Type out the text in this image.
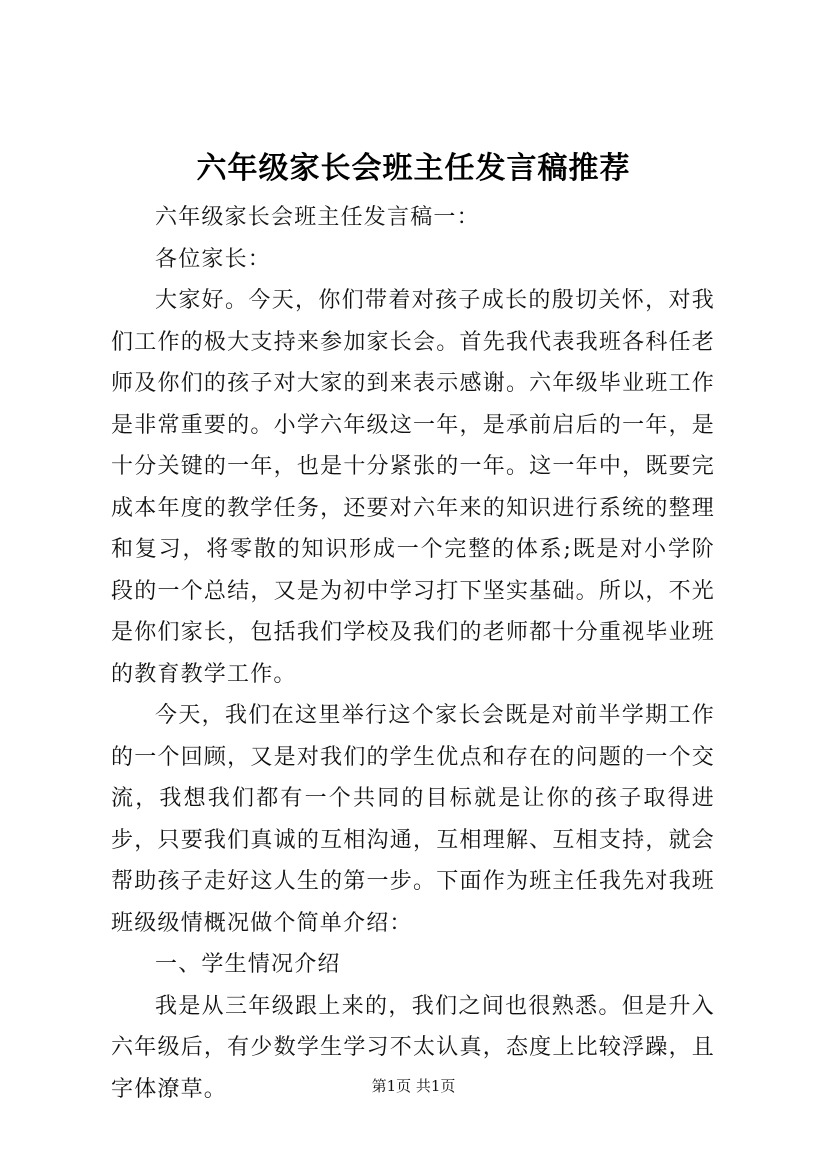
六年级家长会班主任发言稿推荐

六年级家长会班主任发言稿一：

各位家长：

大家好。今天，你们带着对孩子成长的殷切关怀，对我们工作的极大支持来参加家长会。首先我代表我班各科任老师及你们的孩子对大家的到来表示感谢。六年级毕业班工作是非常重要的。小学六年级这一年，是承前启后的一年，是十分关键的一年，也是十分紧张的一年。这一年中，既要完成本年度的教学任务，还要对六年来的知识进行系统的整理和复习，将零散的知识形成一个完整的体系;既是对小学阶段的一个总结，又是为初中学习打下坚实基础。所以，不光是你们家长，包括我们学校及我们的老师都十分重视毕业班的教育教学工作。

今天，我们在这里举行这个家长会既是对前半学期工作的一个回顾，又是对我们的学生优点和存在的问题的一个交流，我想我们都有一个共同的目标就是让你的孩子取得进步，只要我们真诚的互相沟通，互相理解、互相支持，就会帮助孩子走好这人生的第一步。下面作为班主任我先对我班班级级情概况做个简单介绍：

一、学生情况介绍

我是从三年级跟上来的，我们之间也很熟悉。但是升入六年级后，有少数学生学习不太认真，态度上比较浮躁，且字体潦草。	第1页 共1页
